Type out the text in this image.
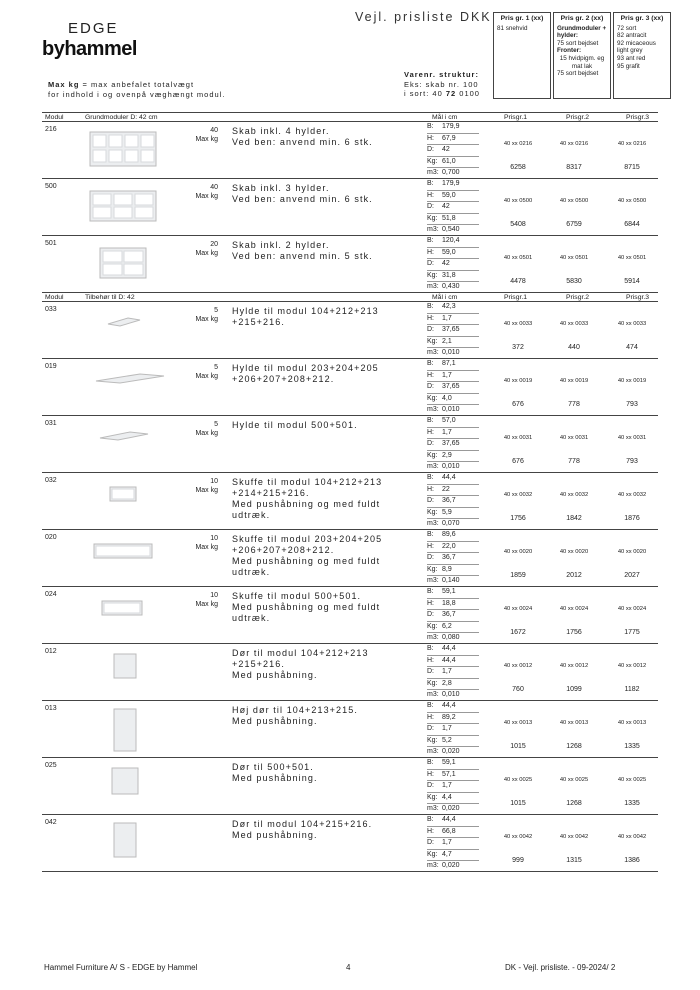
EDGE
byhammel
Vejl. prisliste DKK
Max kg = max anbefalet totalvægt
for indhold i og ovenpå væghængt modul.
Varenr. struktur:
Eks: skab nr. 100
i sort: 40 72 0100
Pris gr. 1 (xx)
81 snehvid
Pris gr. 2 (xx)
Grundmoduler + hylder:
75 sort bejdset
Fronter:
15 hvidpigm. eg mat lak
75 sort bejdset
Pris gr. 3 (xx)
72 sort
82 antracit
92 micaceous light grey
93 ant red
95 grafit
Modul	Grundmoduler D: 42 cm	Mål i cm	Prisgr.1	Prisgr.2	Prisgr.3
216	40
Max kg
Skab inkl. 4 hylder.
Ved ben: anvend min. 6 stk.
B:	179,9
H:	67,9
D:	42
Kg: 61,0
m3: 0,700
40 xx 0216	40 xx 0216	40 xx 0216
6258	8317	8715
500	40
Max kg
Skab inkl. 3 hylder.
Ved ben: anvend min. 6 stk.
B:	179,9
H:	59,0
D:	42
Kg: 51,8
m3: 0,540
40 xx 0500	40 xx 0500	40 xx 0500
5408	6759	6844
501	20
Max kg
Skab inkl. 2 hylder.
Ved ben: anvend min. 5 stk.
B:	120,4
H:	59,0
D:	42
Kg: 31,8
m3: 0,430
40 xx 0501	40 xx 0501	40 xx 0501
4478	5830	5914
Modul	Tilbehør til D: 42	Mål i cm	Prisgr.1	Prisgr.2	Prisgr.3
033	5
Max kg
Hylde til modul 104+212+213
+215+216.
B:	42,3
H:	1,7
D:	37,65
Kg: 2,1
m3: 0,010
40 xx 0033	40 xx 0033	40 xx 0033
372	440	474
019	5
Max kg
Hylde til modul 203+204+205
+206+207+208+212.
B:	87,1
H:	1,7
D:	37,65
Kg: 4,0
m3: 0,010
40 xx 0019	40 xx 0019	40 xx 0019
676	778	793
031	5
Max kg
Hylde til modul 500+501.	B:	57,0
H:	1,7
D:	37,65
Kg: 2,9
m3: 0,010
40 xx 0031	40 xx 0031	40 xx 0031
676	778	793
032	10
Max kg
Skuffe til modul 104+212+213
+214+215+216.
Med pushåbning og med fuldt
udtræk.
B:	44,4
H:	22
D:	36,7
Kg: 5,9
m3: 0,070
40 xx 0032	40 xx 0032	40 xx 0032
1756	1842	1876
020	10
Max kg
Skuffe til modul 203+204+205
+206+207+208+212.
Med pushåbning og med fuldt
udtræk.
B:	89,6
H:	22,0
D:	36,7
Kg: 8,9
m3: 0,140
40 xx 0020	40 xx 0020	40 xx 0020
1859	2012	2027
024	10
Max kg
Skuffe til modul 500+501.
Med pushåbning og med fuldt
udtræk.
B:	59,1
H:	18,8
D:	36,7
Kg: 6,2
m3: 0,080
40 xx 0024	40 xx 0024	40 xx 0024
1672	1756	1775
012	Dør til modul 104+212+213
+215+216.
Med pushåbning.
B:	44,4
H:	44,4
D:	1,7
Kg: 2,8
m3: 0,010
40 xx 0012	40 xx 0012	40 xx 0012
760	1099	1182
013	Høj dør til 104+213+215.
Med pushåbning.
B:	44,4
H:	89,2
D:	1,7
Kg: 5,2
m3: 0,020
40 xx 0013	40 xx 0013	40 xx 0013
1015	1268	1335
025	Dør til 500+501.
Med pushåbning.
B:	59,1
H:	57,1
D:	1,7
Kg: 4,4
m3: 0,020
40 xx 0025	40 xx 0025	40 xx 0025
1015	1268	1335
042	Dør til modul 104+215+216.
Med pushåbning.
B:	44,4
H:	66,8
D:	1,7
Kg: 4,7
m3: 0,020
40 xx 0042	40 xx 0042	40 xx 0042
999	1315	1386
Hammel Furniture A/ S - EDGE by Hammel	4	DK - Vejl. prisliste. - 09-2024/ 2
